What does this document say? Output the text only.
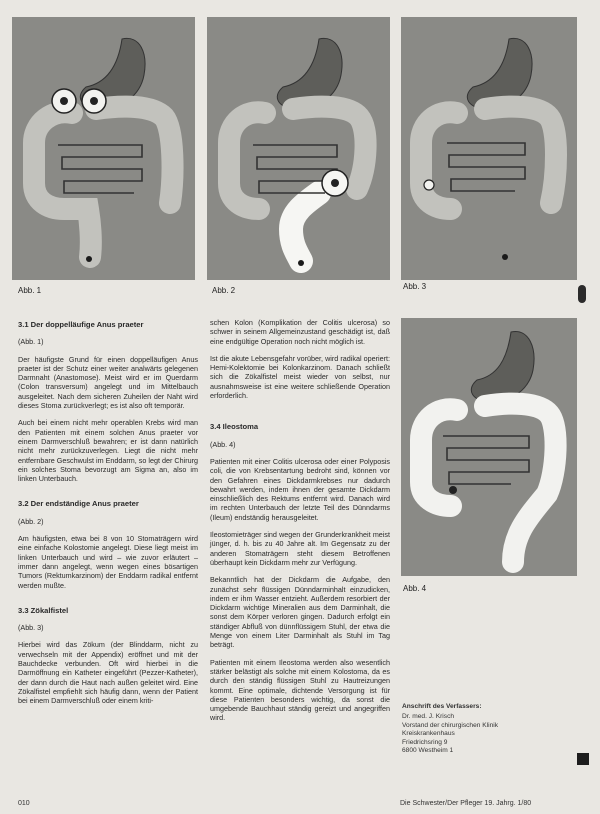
Abb. 1	Abb. 2	Abb. 3
Abb. 4

3.1 Der doppelläufige Anus praeter

(Abb. 1)

Der häufigste Grund für einen doppelläufigen Anus praeter ist der Schutz einer weiter analwärts gelegenen Darmnaht (Anastomose). Meist wird er im Querdarm (Colon transversum) angelegt und im Mittelbauch ausgeleitet. Nach dem sicheren Zuheilen der Naht wird dieses Stoma zurückverlegt; es ist also oft temporär.

Auch bei einem nicht mehr operablen Krebs wird man den Patienten mit einem solchen Anus praeter vor einem Darmverschluß bewahren; er ist dann natürlich nicht mehr zurückzuverlegen. Liegt die nicht mehr entfernbare Geschwulst im Enddarm, so legt der Chirurg ein solches Stoma bevorzugt am Sigma an, also im linken Unterbauch.

3.2 Der endständige Anus praeter

(Abb. 2)

Am häufigsten, etwa bei 8 von 10 Stomaträgern wird eine einfache Kolostomie angelegt. Diese liegt meist im linken Unterbauch und wird – wie zuvor erläutert – immer dann angelegt, wenn wegen eines bösartigen Tumors (Rektumkarzinom) der Enddarm radikal entfernt werden mußte.

3.3 Zökalfistel

(Abb. 3)

Hierbei wird das Zökum (der Blinddarm, nicht zu verwechseln mit der Appendix) eröffnet und mit der Bauchdecke verbunden. Oft wird hierbei in die Darmöffnung ein Katheter eingeführt (Pezzer-Katheter), der dann durch die Haut nach außen geleitet wird. Eine Zökalfistel empfiehlt sich häufig dann, wenn der Patient bei einem Darmverschluß oder einem kriti-

schen Kolon (Komplikation der Colitis ulcerosa) so schwer in seinem Allgemeinzustand geschädigt ist, daß eine endgültige Operation noch nicht möglich ist.

Ist die akute Lebensgefahr vorüber, wird radikal operiert: Hemi-Kolektomie bei Kolonkarzinom. Danach schließt sich die Zökalfistel meist wieder von selbst, nur ausnahmsweise ist eine weitere schließende Operation erforderlich.

3.4 Ileostoma

(Abb. 4)

Patienten mit einer Colitis ulcerosa oder einer Polyposis coli, die von Krebsentartung bedroht sind, können vor den Gefahren eines Dickdarmkrebses nur dadurch bewahrt werden, indem ihnen der gesamte Dickdarm einschließlich des Rektums entfernt wird. Danach wird im rechten Unterbauch der letzte Teil des Dünndarms (Ileum) endständig herausgeleitet.

Ileostomieträger sind wegen der Grunderkrankheit meist jünger, d. h. bis zu 40 Jahre alt. Im Gegensatz zu der anderen Stomaträgern steht diesem Betroffenen überhaupt kein Dickdarm mehr zur Verfügung.

Bekanntlich hat der Dickdarm die Aufgabe, den zunächst sehr flüssigen Dünndarminhalt einzudicken, indem er ihm Wasser entzieht. Außerdem resorbiert der Dickdarm wichtige Mineralien aus dem Darminhalt, die sonst dem Körper verloren gingen. Dadurch erfolgt ein ständiger Abfluß von dünnflüssigem Stuhl, der etwa die Menge von einem Liter Darminhalt als Stuhl im Tag beträgt.

Patienten mit einem Ileostoma werden also wesentlich stärker belästigt als solche mit einem Kolostoma, da es durch den ständig flüssigen Stuhl zu Hautreizungen kommt. Eine optimale, dichtende Versorgung ist für diese Patienten besonders wichtig, da sonst die umgebende Bauchhaut ständig gereizt und angegriffen wird.

Anschrift des Verfassers:
Dr. med. J. Krisch
Vorstand der chirurgischen Klinik
Kreiskrankenhaus
Friedrichsring 9
6800 Westheim 1
010	Die Schwester/Der Pfleger 19. Jahrg. 1/80
